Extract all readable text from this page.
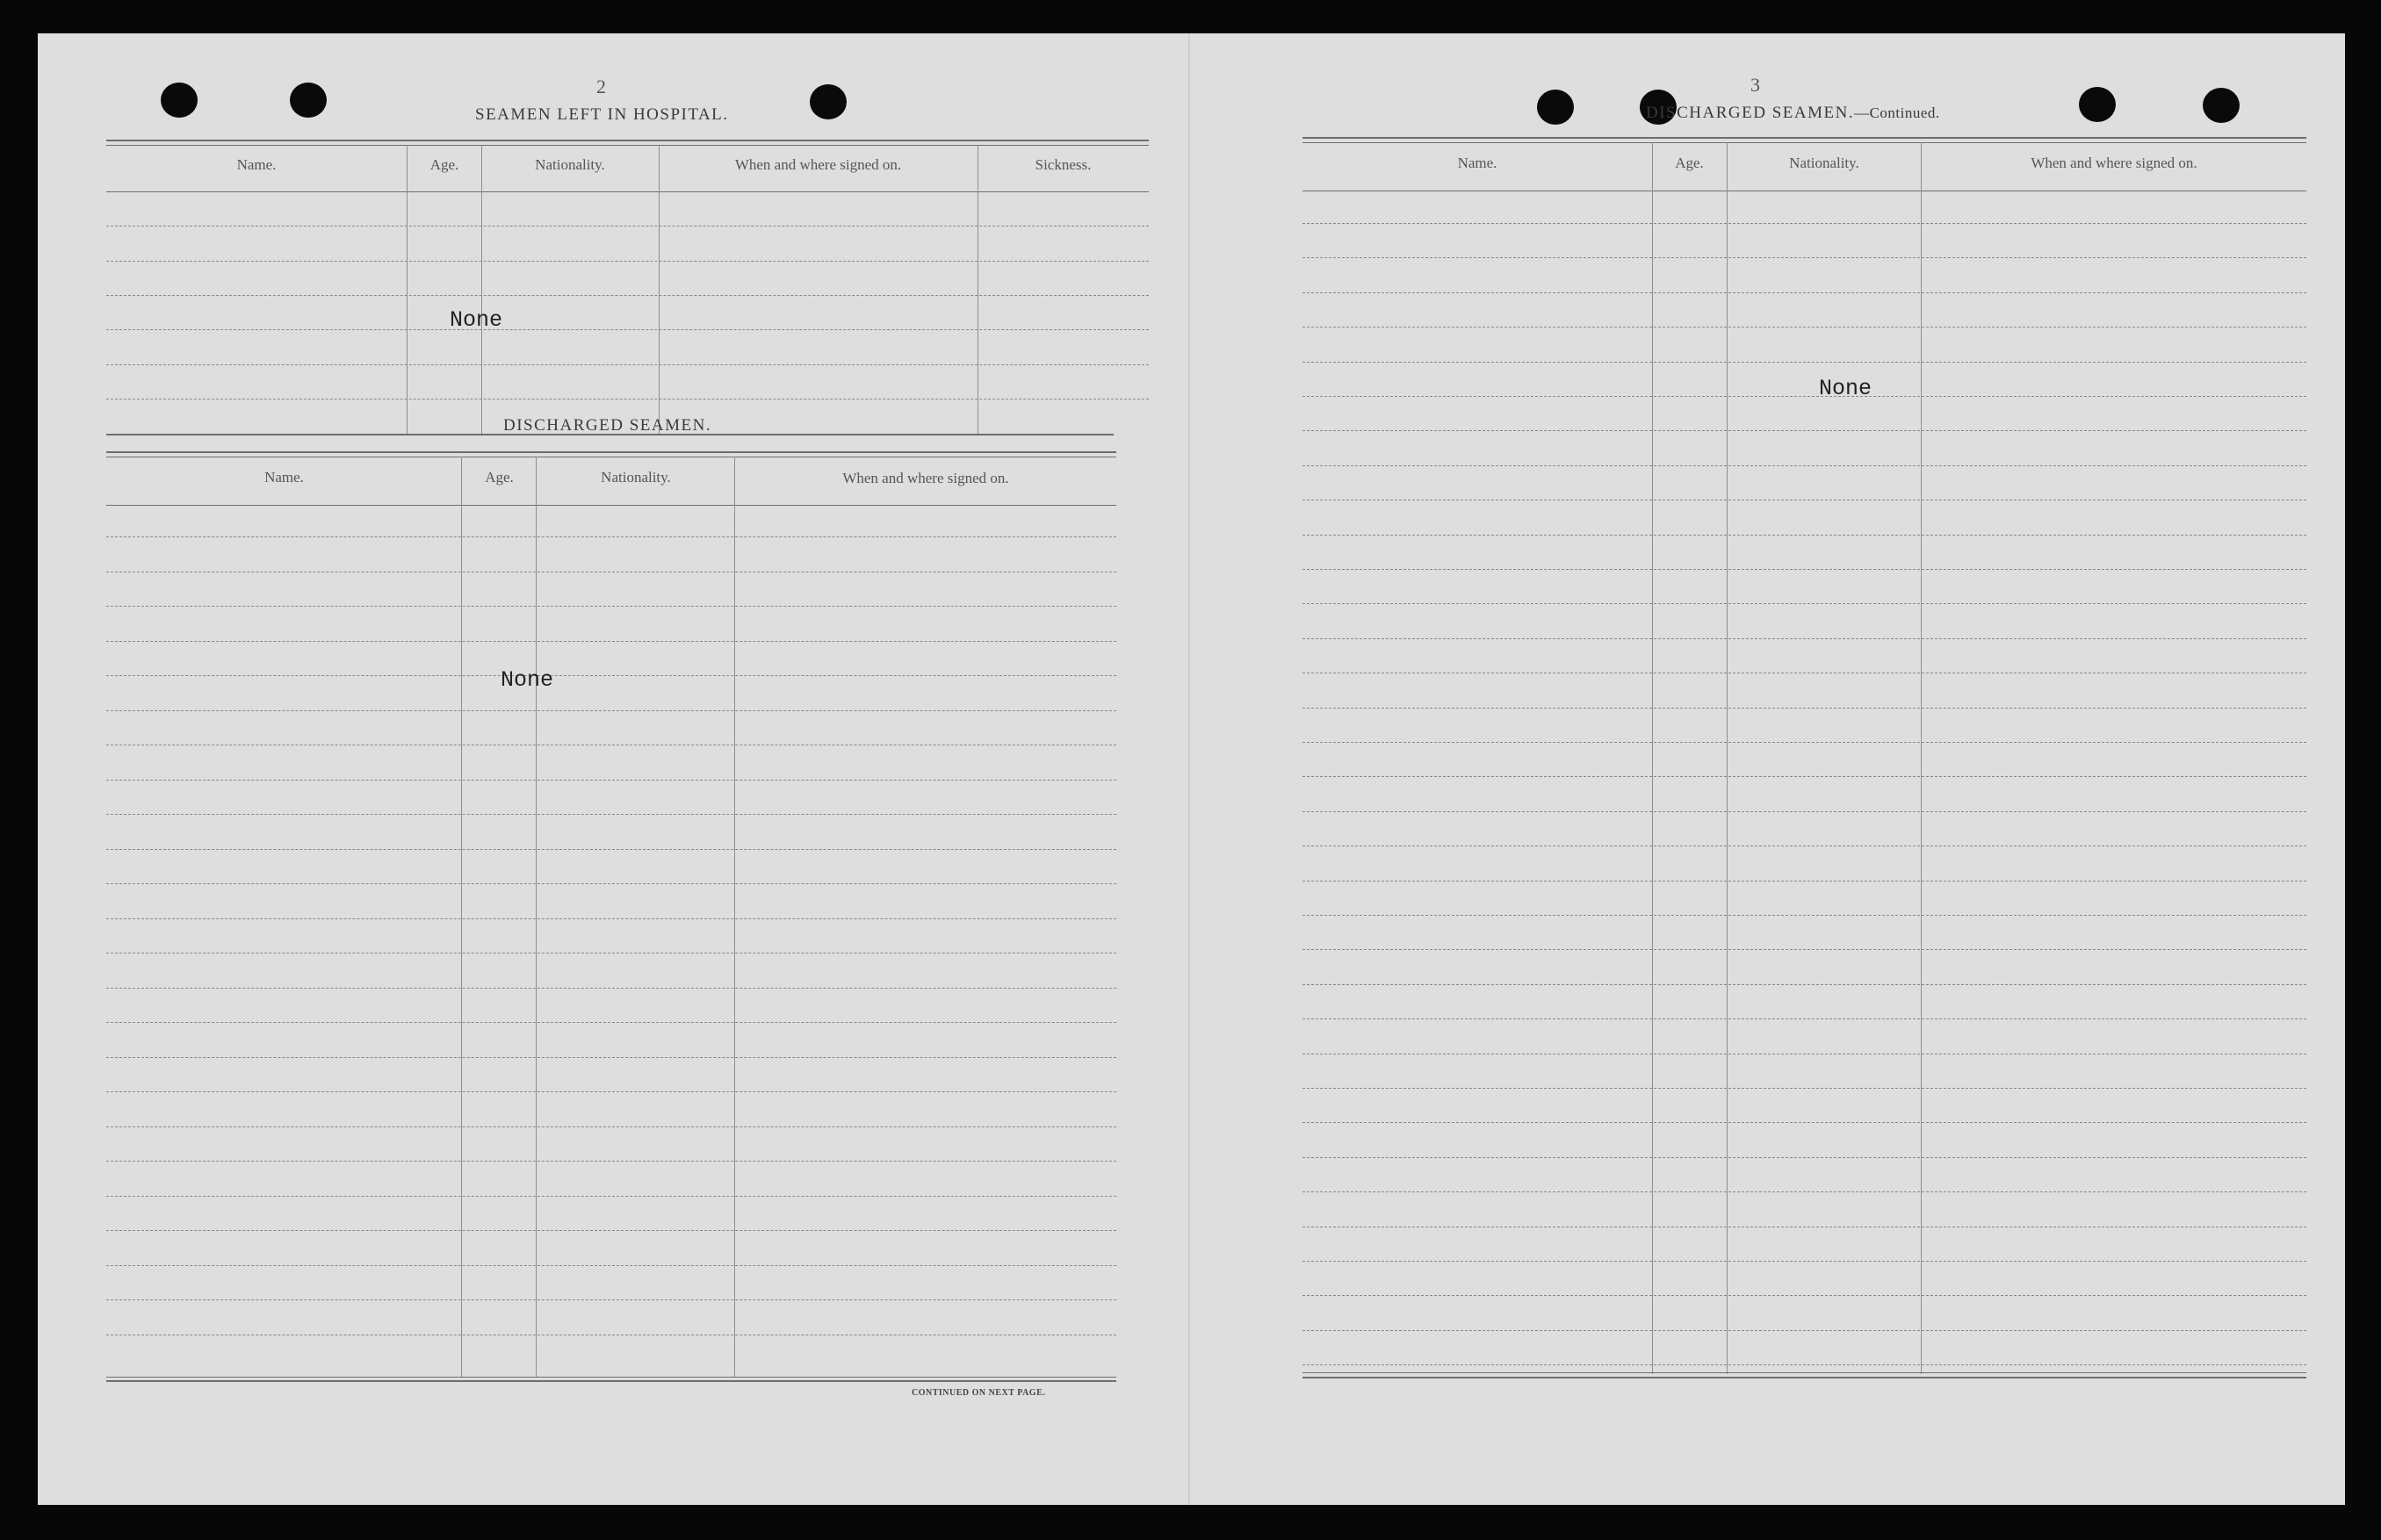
2
SEAMEN LEFT IN HOSPITAL.
Name.	Age.	Nationality.	When and where signed on.	Sickness.
None
DISCHARGED SEAMEN.
Name.	Age.	Nationality.	When and where signed on.
None
CONTINUED ON NEXT PAGE.
3
DISCHARGED SEAMEN.—Continued.
Name.	Age.	Nationality.	When and where signed on.
None
